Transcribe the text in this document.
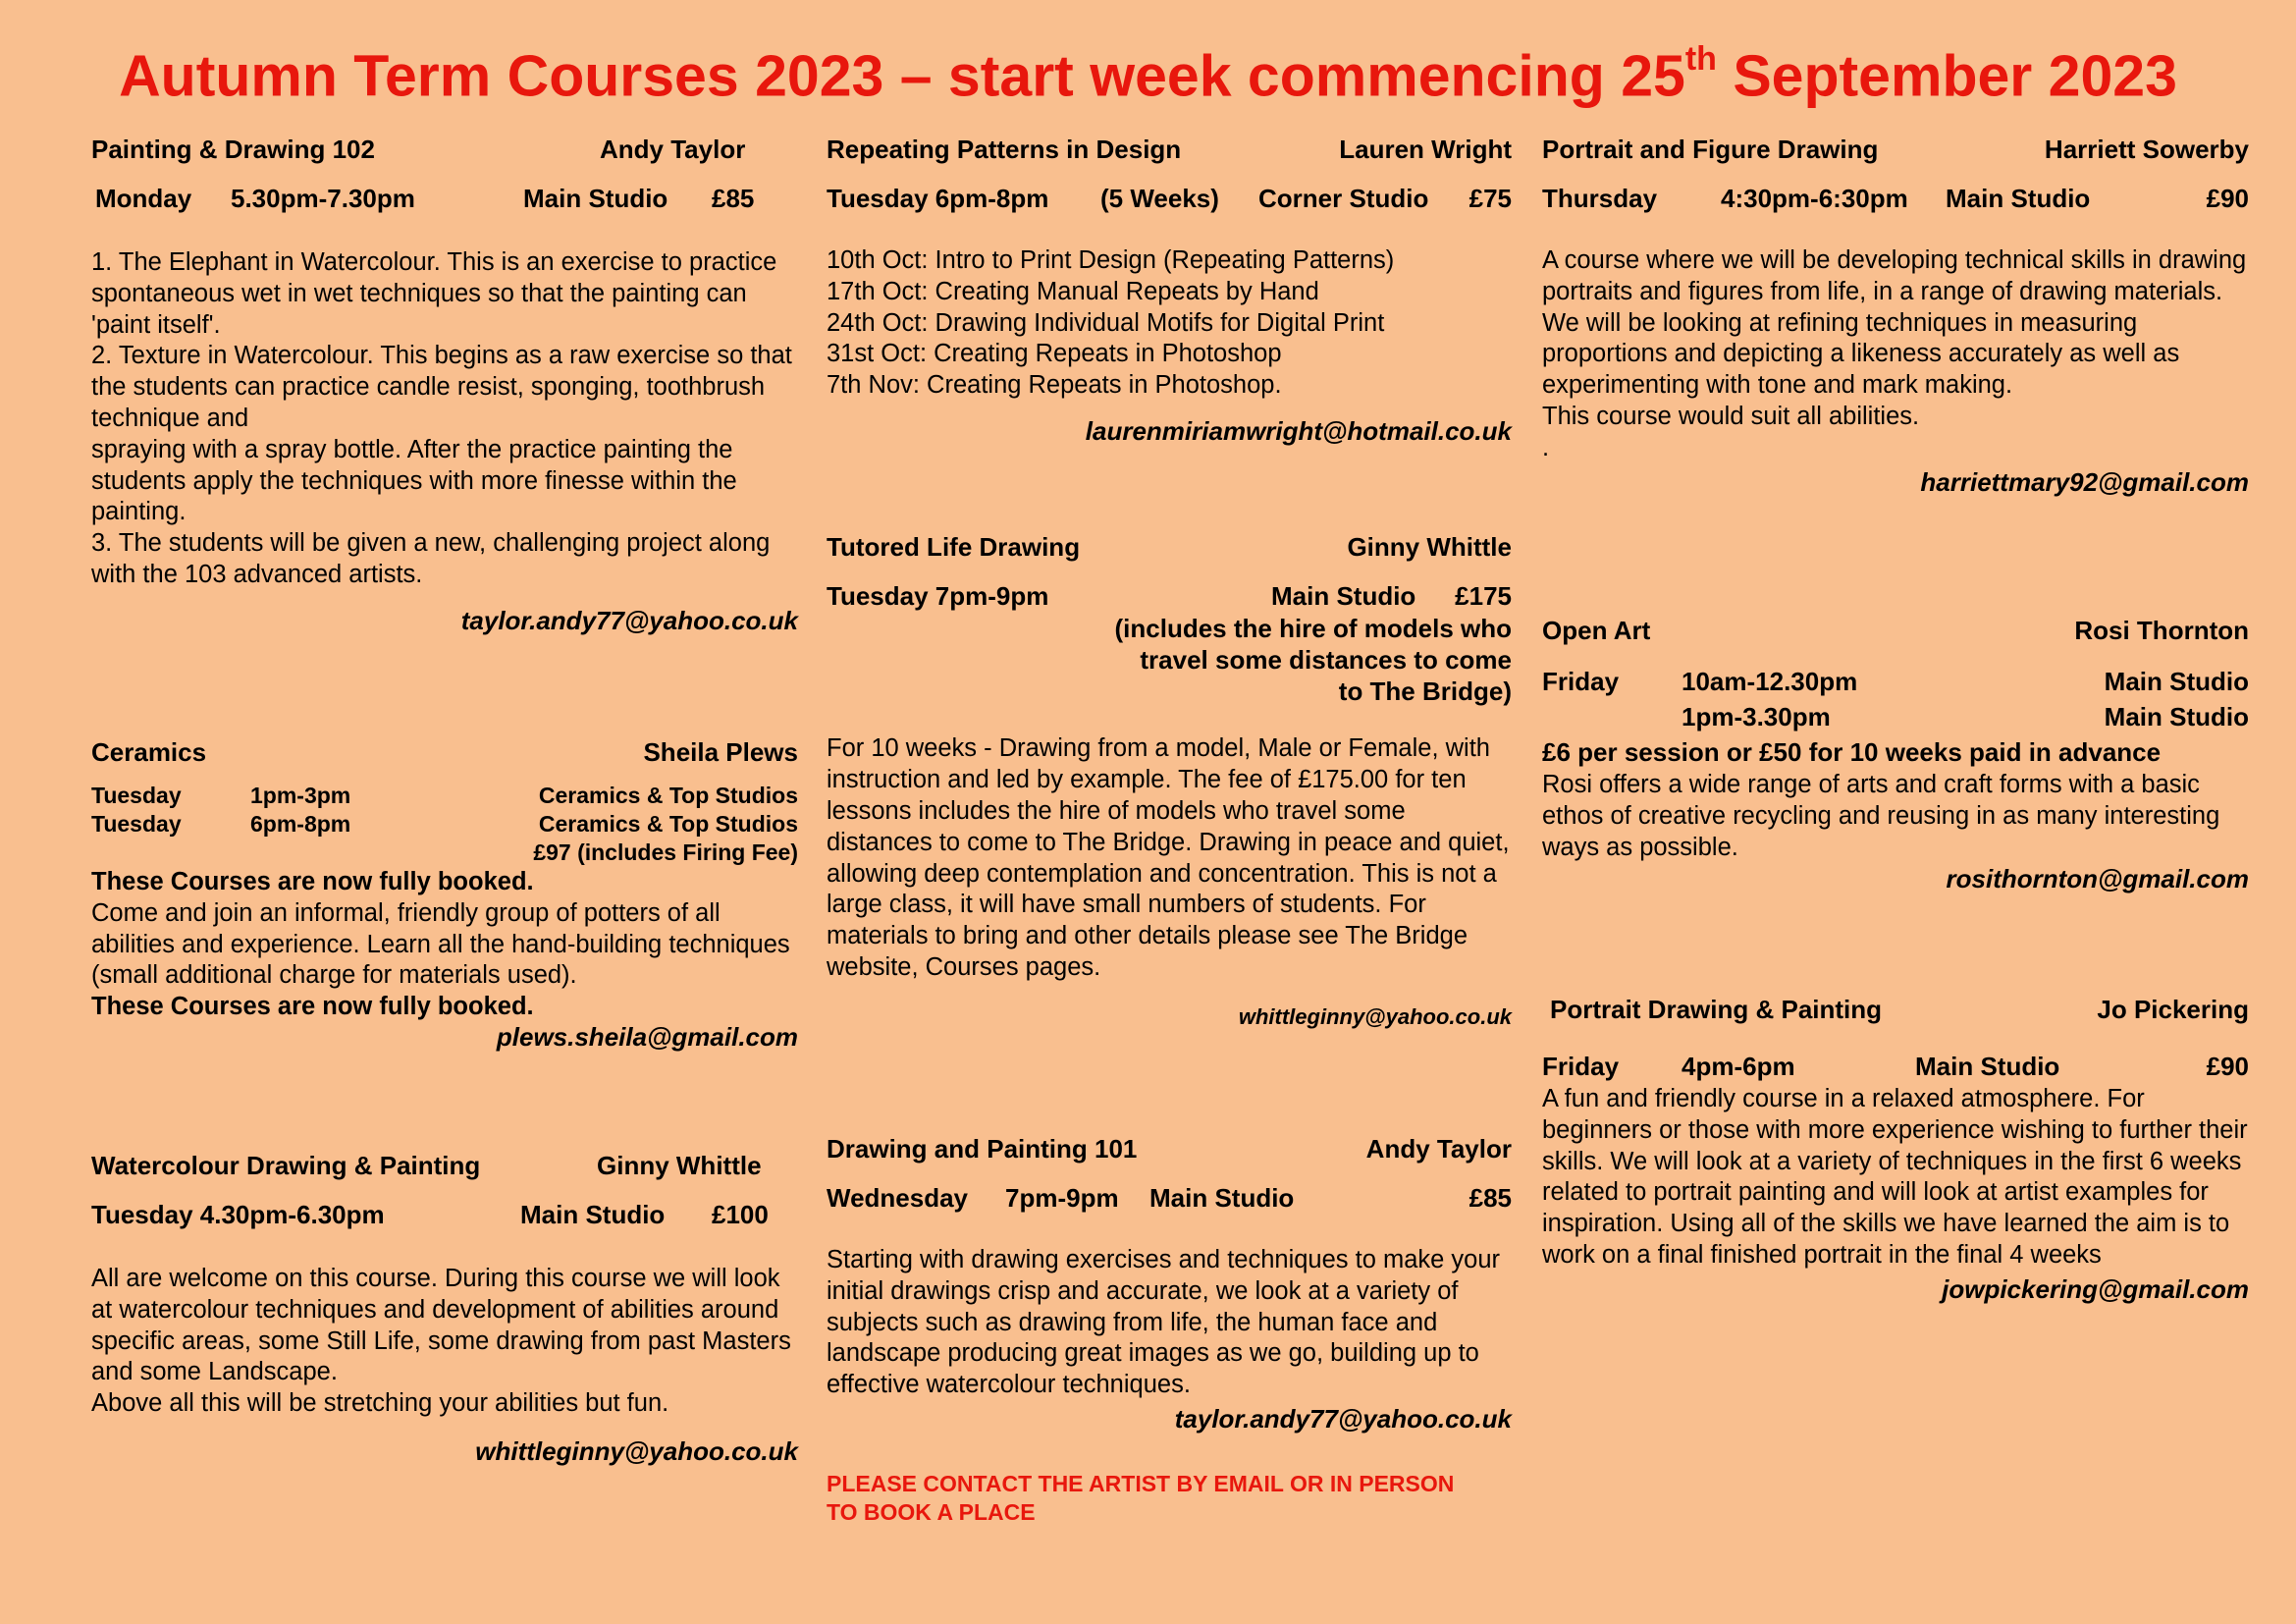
Autumn Term Courses 2023 – start week commencing 25th September 2023
Painting & Drawing 102	Andy Taylor
Monday 5.30pm-7.30pm	Main Studio £85

1. The Elephant in Watercolour. This is an exercise to practice spontaneous wet in wet techniques so that the painting can 'paint itself'.

2. Texture in Watercolour. This begins as a raw exercise so that the students can practice candle resist, sponging, toothbrush technique and

spraying with a spray bottle. After the practice painting the students apply the techniques with more finesse within the painting.

3. The students will be given a new, challenging project along with the 103 advanced artists.

taylor.andy77@yahoo.co.uk
Ceramics	Sheila Plews
Tuesday	1pm-3pm	Ceramics & Top Studios
Tuesday	6pm-8pm	Ceramics & Top Studios
£97 (includes Firing Fee)

These Courses are now fully booked.

Come and join an informal, friendly group of potters of all abilities and experience. Learn all the hand-building techniques (small additional charge for materials used).

These Courses are now fully booked.

plews.sheila@gmail.com
Watercolour Drawing & Painting	Ginny Whittle
Tuesday 4.30pm-6.30pm	Main Studio £100

All are welcome on this course. During this course we will look at watercolour techniques and development of abilities around specific areas, some Still Life, some drawing from past Masters and some Landscape.

Above all this will be stretching your abilities but fun.

whittleginny@yahoo.co.uk
Repeating Patterns in Design	Lauren Wright
Tuesday 6pm-8pm (5 Weeks) Corner Studio £75

10th Oct: Intro to Print Design (Repeating Patterns)

17th Oct: Creating Manual Repeats by Hand

24th Oct: Drawing Individual Motifs for Digital Print

31st Oct: Creating Repeats in Photoshop

7th Nov: Creating Repeats in Photoshop.

laurenmiriamwright@hotmail.co.uk
Tutored Life Drawing	Ginny Whittle
Tuesday 7pm-9pm	Main Studio £175
(includes the hire of models who travel some distances to come to The Bridge)

For 10 weeks - Drawing from a model, Male or Female, with instruction and led by example. The fee of £175.00 for ten lessons includes the hire of models who travel some distances to come to The Bridge. Drawing in peace and quiet, allowing deep contemplation and concentration. This is not a large class, it will have small numbers of students. For materials to bring and other details please see The Bridge website, Courses pages.

whittleginny@yahoo.co.uk
Drawing and Painting 101	Andy Taylor
Wednesday 7pm-9pm Main Studio	£85

Starting with drawing exercises and techniques to make your initial drawings crisp and accurate, we look at a variety of subjects such as drawing from life, the human face and landscape producing great images as we go, building up to effective watercolour techniques.

taylor.andy77@yahoo.co.uk
PLEASE CONTACT THE ARTIST BY EMAIL OR IN PERSON TO BOOK A PLACE
Portrait and Figure Drawing	Harriett Sowerby
Thursday 4:30pm-6:30pm Main Studio	£90

A course where we will be developing technical skills in drawing portraits and figures from life, in a range of drawing materials.

We will be looking at refining techniques in measuring proportions and depicting a likeness accurately as well as experimenting with tone and mark making.

This course would suit all abilities.

.

harriettmary92@gmail.com
Open Art	Rosi Thornton
Friday 10am-12.30pm	Main Studio
1pm-3.30pm	Main Studio
£6 per session or £50 for 10 weeks paid in advance

Rosi offers a wide range of arts and craft forms with a basic ethos of creative recycling and reusing in as many interesting ways as possible.

rosithornton@gmail.com
Portrait Drawing & Painting	Jo Pickering
Friday 4pm-6pm	Main Studio	£90

A fun and friendly course in a relaxed atmosphere. For beginners or those with more experience wishing to further their skills. We will look at a variety of techniques in the first 6 weeks related to portrait painting and will look at artist examples for inspiration. Using all of the skills we have learned the aim is to work on a final finished portrait in the final 4 weeks

jowpickering@gmail.com
